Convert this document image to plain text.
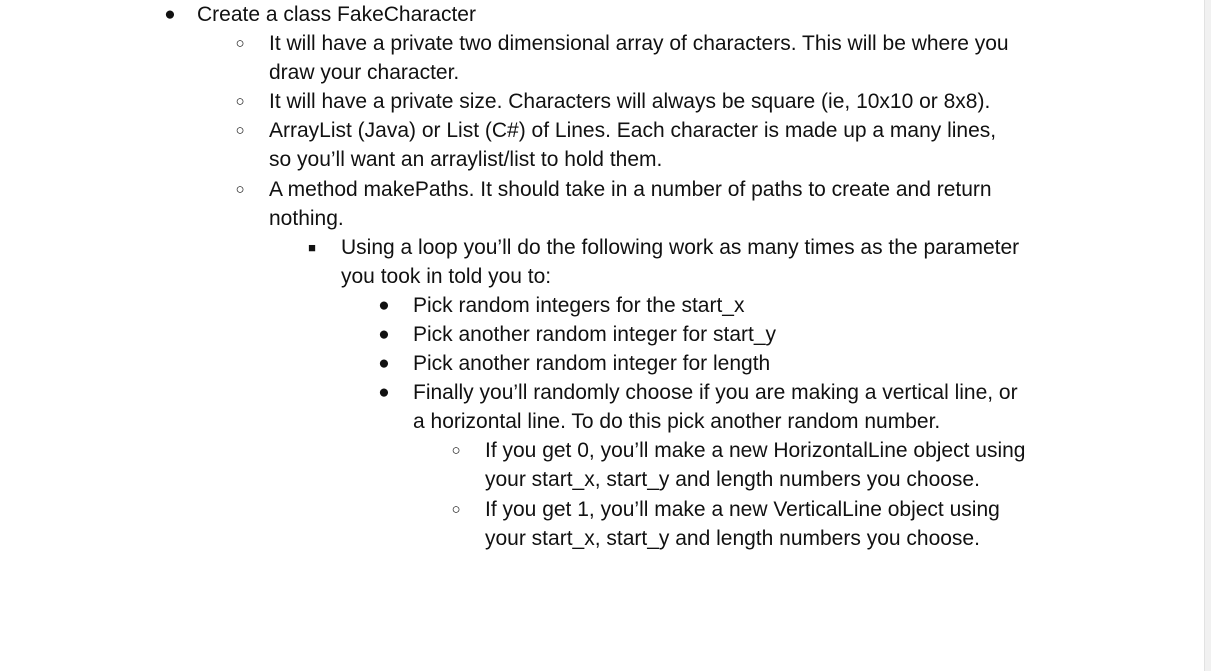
● Create a class FakeCharacter
○ It will have a private two dimensional array of characters. This will be where you
draw your character.
○ It will have a private size. Characters will always be square (ie, 10x10 or 8x8).
○ ArrayList (Java) or List (C#) of Lines. Each character is made up a many lines,
so you’ll want an arraylist/list to hold them.
○ A method makePaths. It should take in a number of paths to create and return
nothing.
■ Using a loop you’ll do the following work as many times as the parameter
you took in told you to:
● Pick random integers for the start_x
● Pick another random integer for start_y
● Pick another random integer for length
● Finally you’ll randomly choose if you are making a vertical line, or
a horizontal line. To do this pick another random number.
○ If you get 0, you’ll make a new HorizontalLine object using
your start_x, start_y and length numbers you choose.
○ If you get 1, you’ll make a new VerticalLine object using
your start_x, start_y and length numbers you choose.
